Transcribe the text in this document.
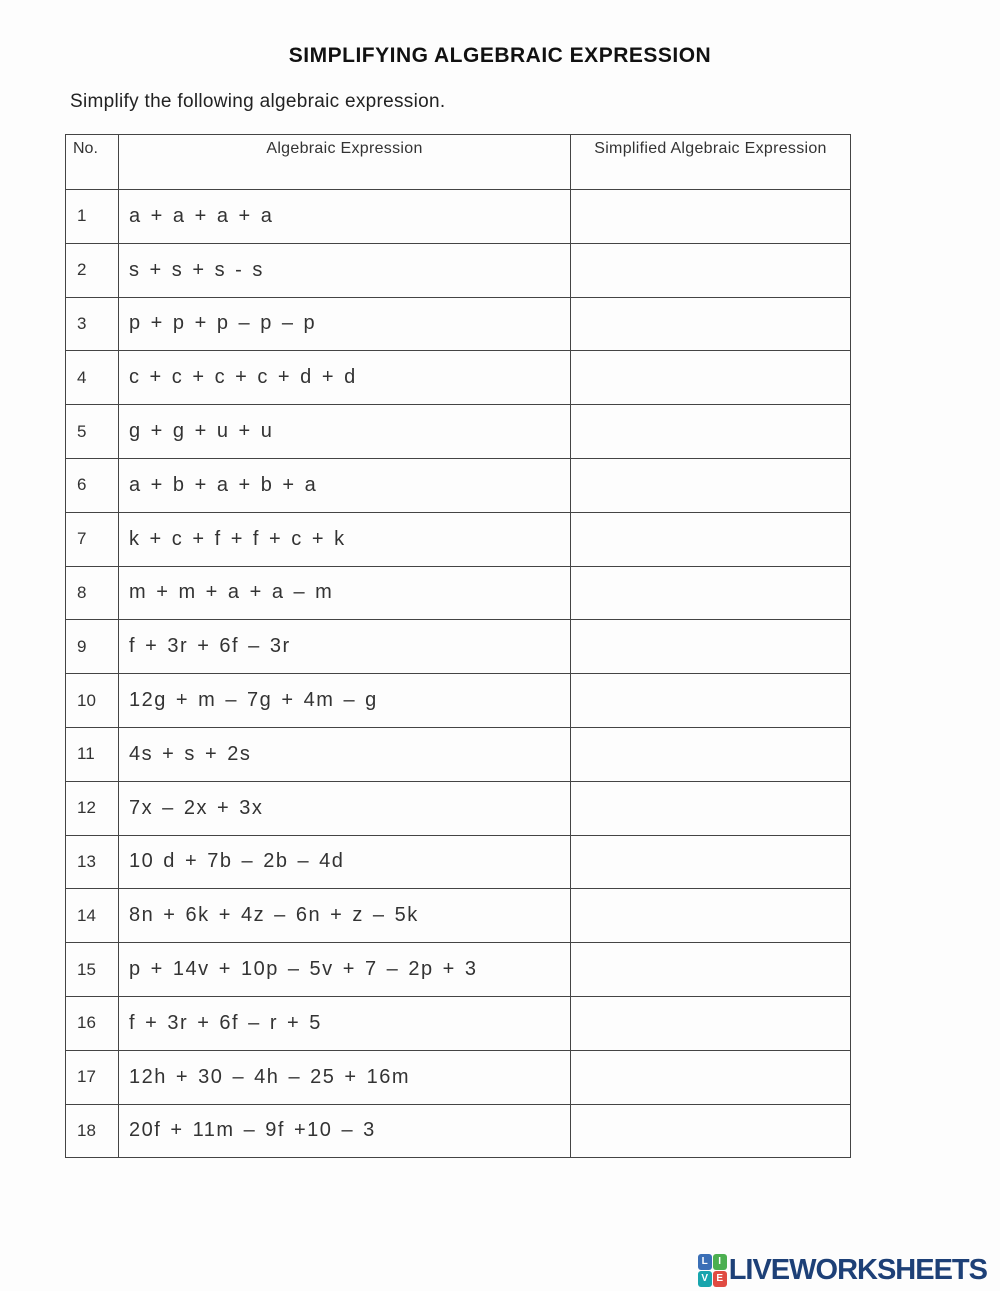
SIMPLIFYING ALGEBRAIC EXPRESSION

Simplify the following algebraic expression.

No.	Algebraic Expression	Simplified Algebraic Expression
1	a + a + a + a	
2	s + s + s - s	
3	p + p + p – p – p	
4	c + c + c + c + d + d	
5	g + g + u + u	
6	a + b + a + b + a	
7	k + c + f + f + c + k	
8	m + m + a + a – m	
9	f + 3r + 6f – 3r	
10	12g + m – 7g + 4m – g	
11	4s + s + 2s	
12	7x – 2x + 3x	
13	10 d + 7b – 2b – 4d	
14	8n + 6k + 4z – 6n + z – 5k	
15	p + 14v + 10p – 5v + 7 – 2p + 3	
16	f + 3r + 6f – r + 5	
17	12h + 30 – 4h – 25 + 16m	
18	20f + 11m – 9f +10 – 3	
L	I
V E LIVEWORKSHEETS
